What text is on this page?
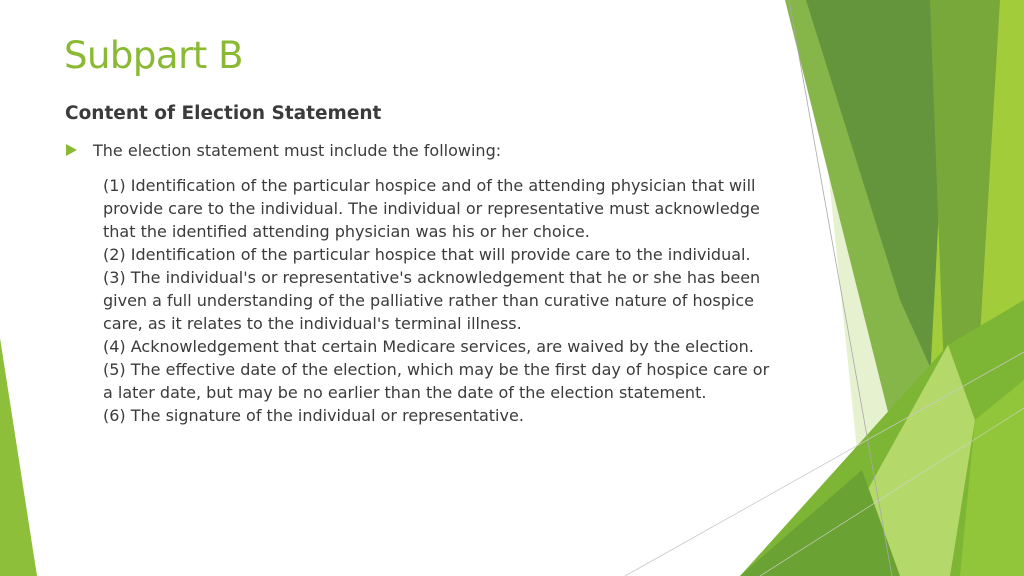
Subpart B
Content of Election Statement
The election statement must include the following:
(1) Identification of the particular hospice and of the attending physician that will provide care to the individual. The individual or representative must acknowledge that the identified attending physician was his or her choice.
(2) Identification of the particular hospice that will provide care to the individual.
(3) The individual's or representative's acknowledgement that he or she has been given a full understanding of the palliative rather than curative nature of hospice care, as it relates to the individual's terminal illness.
(4) Acknowledgement that certain Medicare services, are waived by the election.
(5) The effective date of the election, which may be the first day of hospice care or a later date, but may be no earlier than the date of the election statement.
(6) The signature of the individual or representative.
